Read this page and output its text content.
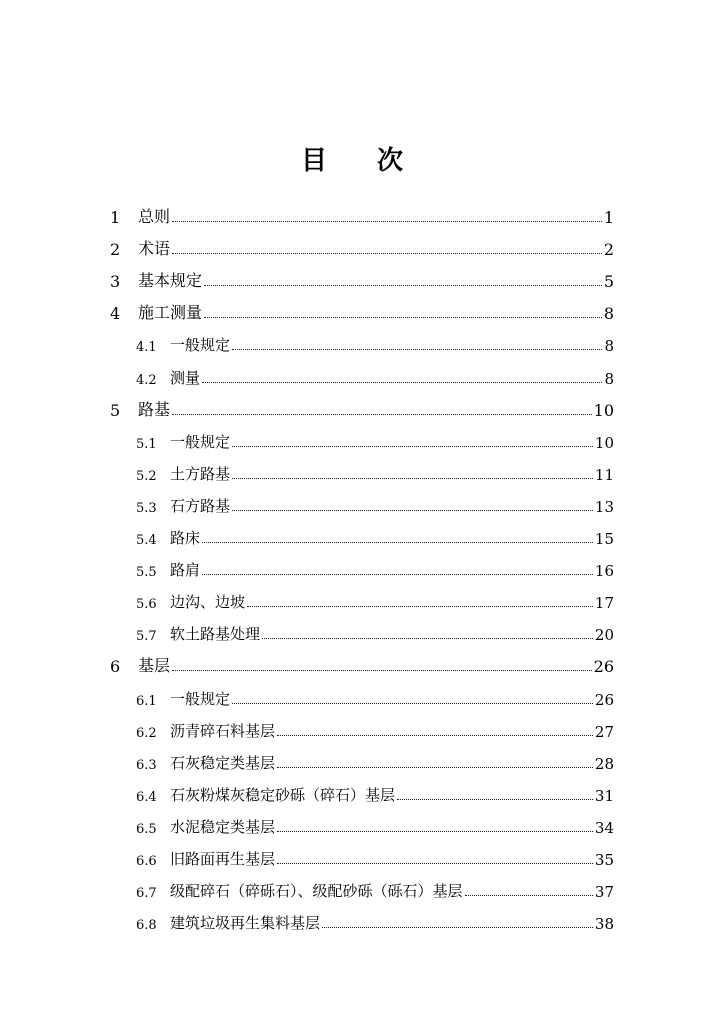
目 次
1 总则	1
2 术语	2
3 基本规定	5
4 施工测量	8
4.1 一般规定	8
4.2 测量	8
5 路基	10
5.1 一般规定	10
5.2 土方路基	11
5.3 石方路基	13
5.4 路床	15
5.5 路肩	16
5.6 边沟、边坡	17
5.7 软土路基处理	20
6 基层	26
6.1 一般规定	26
6.2 沥青碎石料基层	27
6.3 石灰稳定类基层	28
6.4 石灰粉煤灰稳定砂砾（碎石）基层	31
6.5 水泥稳定类基层	34
6.6 旧路面再生基层	35
6.7 级配碎石（碎砾石）、级配砂砾（砾石）基层	37
6.8 建筑垃圾再生集料基层	38
